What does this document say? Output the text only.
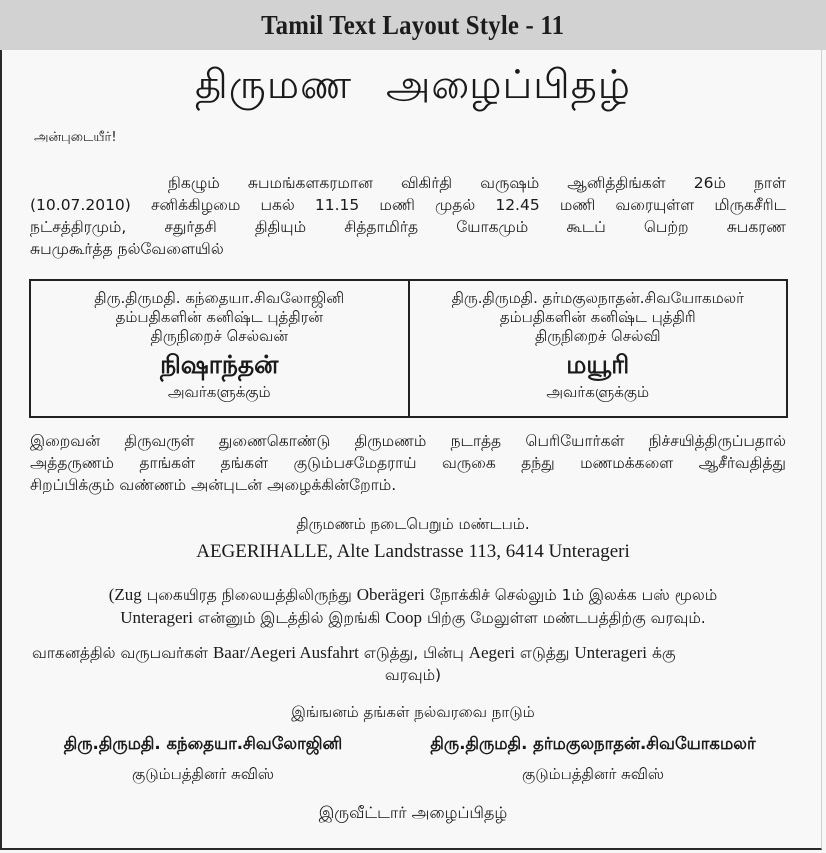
Tamil Text Layout Style - 11
திருமண அழைப்பிதழ்
அன்புடையீர்!
நிகழும் சுபமங்களகரமான விகிர்தி வருஷம் ஆனித்திங்கள் 26ம் நாள்
(10.07.2010) சனிக்கிழமை பகல் 11.15 மணி முதல் 12.45 மணி வரையுள்ள மிருகசீரிட
நட்சத்திரமும், சதுர்தசி திதியும் சித்தாமிர்த யோகமும் கூடப் பெற்ற சுபகரண
சுபமுகூர்த்த நல்வேளையில்
திரு.திருமதி. கந்தையா.சிவலோஜினி
தம்பதிகளின் கனிஷ்ட புத்திரன்
திருநிறைச் செல்வன்
நிஷாந்தன்
அவர்களுக்கும்
திரு.திருமதி. தர்மகுலநாதன்.சிவயோகமலர்
தம்பதிகளின் கனிஷ்ட புத்திரி
திருநிறைச் செல்வி
மயூரி
அவர்களுக்கும்
இறைவன் திருவருள் துணைகொண்டு திருமணம் நடாத்த பெரியோர்கள் நிச்சயித்திருப்பதால்
அத்தருணம் தாங்கள் தங்கள் குடும்பசமேதராய் வருகை தந்து மணமக்களை ஆசீர்வதித்து
சிறப்பிக்கும் வண்ணம் அன்புடன் அழைக்கின்றோம்.
திருமணம் நடைபெறும் மண்டபம்.
AEGERIHALLE, Alte Landstrasse 113, 6414 Unterageri
(Zug புகையிரத நிலையத்திலிருந்து Oberägeri நோக்கிச் செல்லும் 1ம் இலக்க பஸ் மூலம்
Unterageri என்னும் இடத்தில் இறங்கி Coop பிற்கு மேலுள்ள மண்டபத்திற்கு வரவும்.
வாகனத்தில் வருபவர்கள் Baar/Aegeri Ausfahrt எடுத்து, பின்பு Aegeri எடுத்து Unterageri க்கு
வரவும்)
இங்ஙனம் தங்கள் நல்வரவை நாடும்
திரு.திருமதி. கந்தையா.சிவலோஜினி
குடும்பத்தினர் சுவிஸ்
திரு.திருமதி. தர்மகுலநாதன்.சிவயோகமலர்
குடும்பத்தினர் சுவிஸ்
இருவீட்டார் அழைப்பிதழ்
